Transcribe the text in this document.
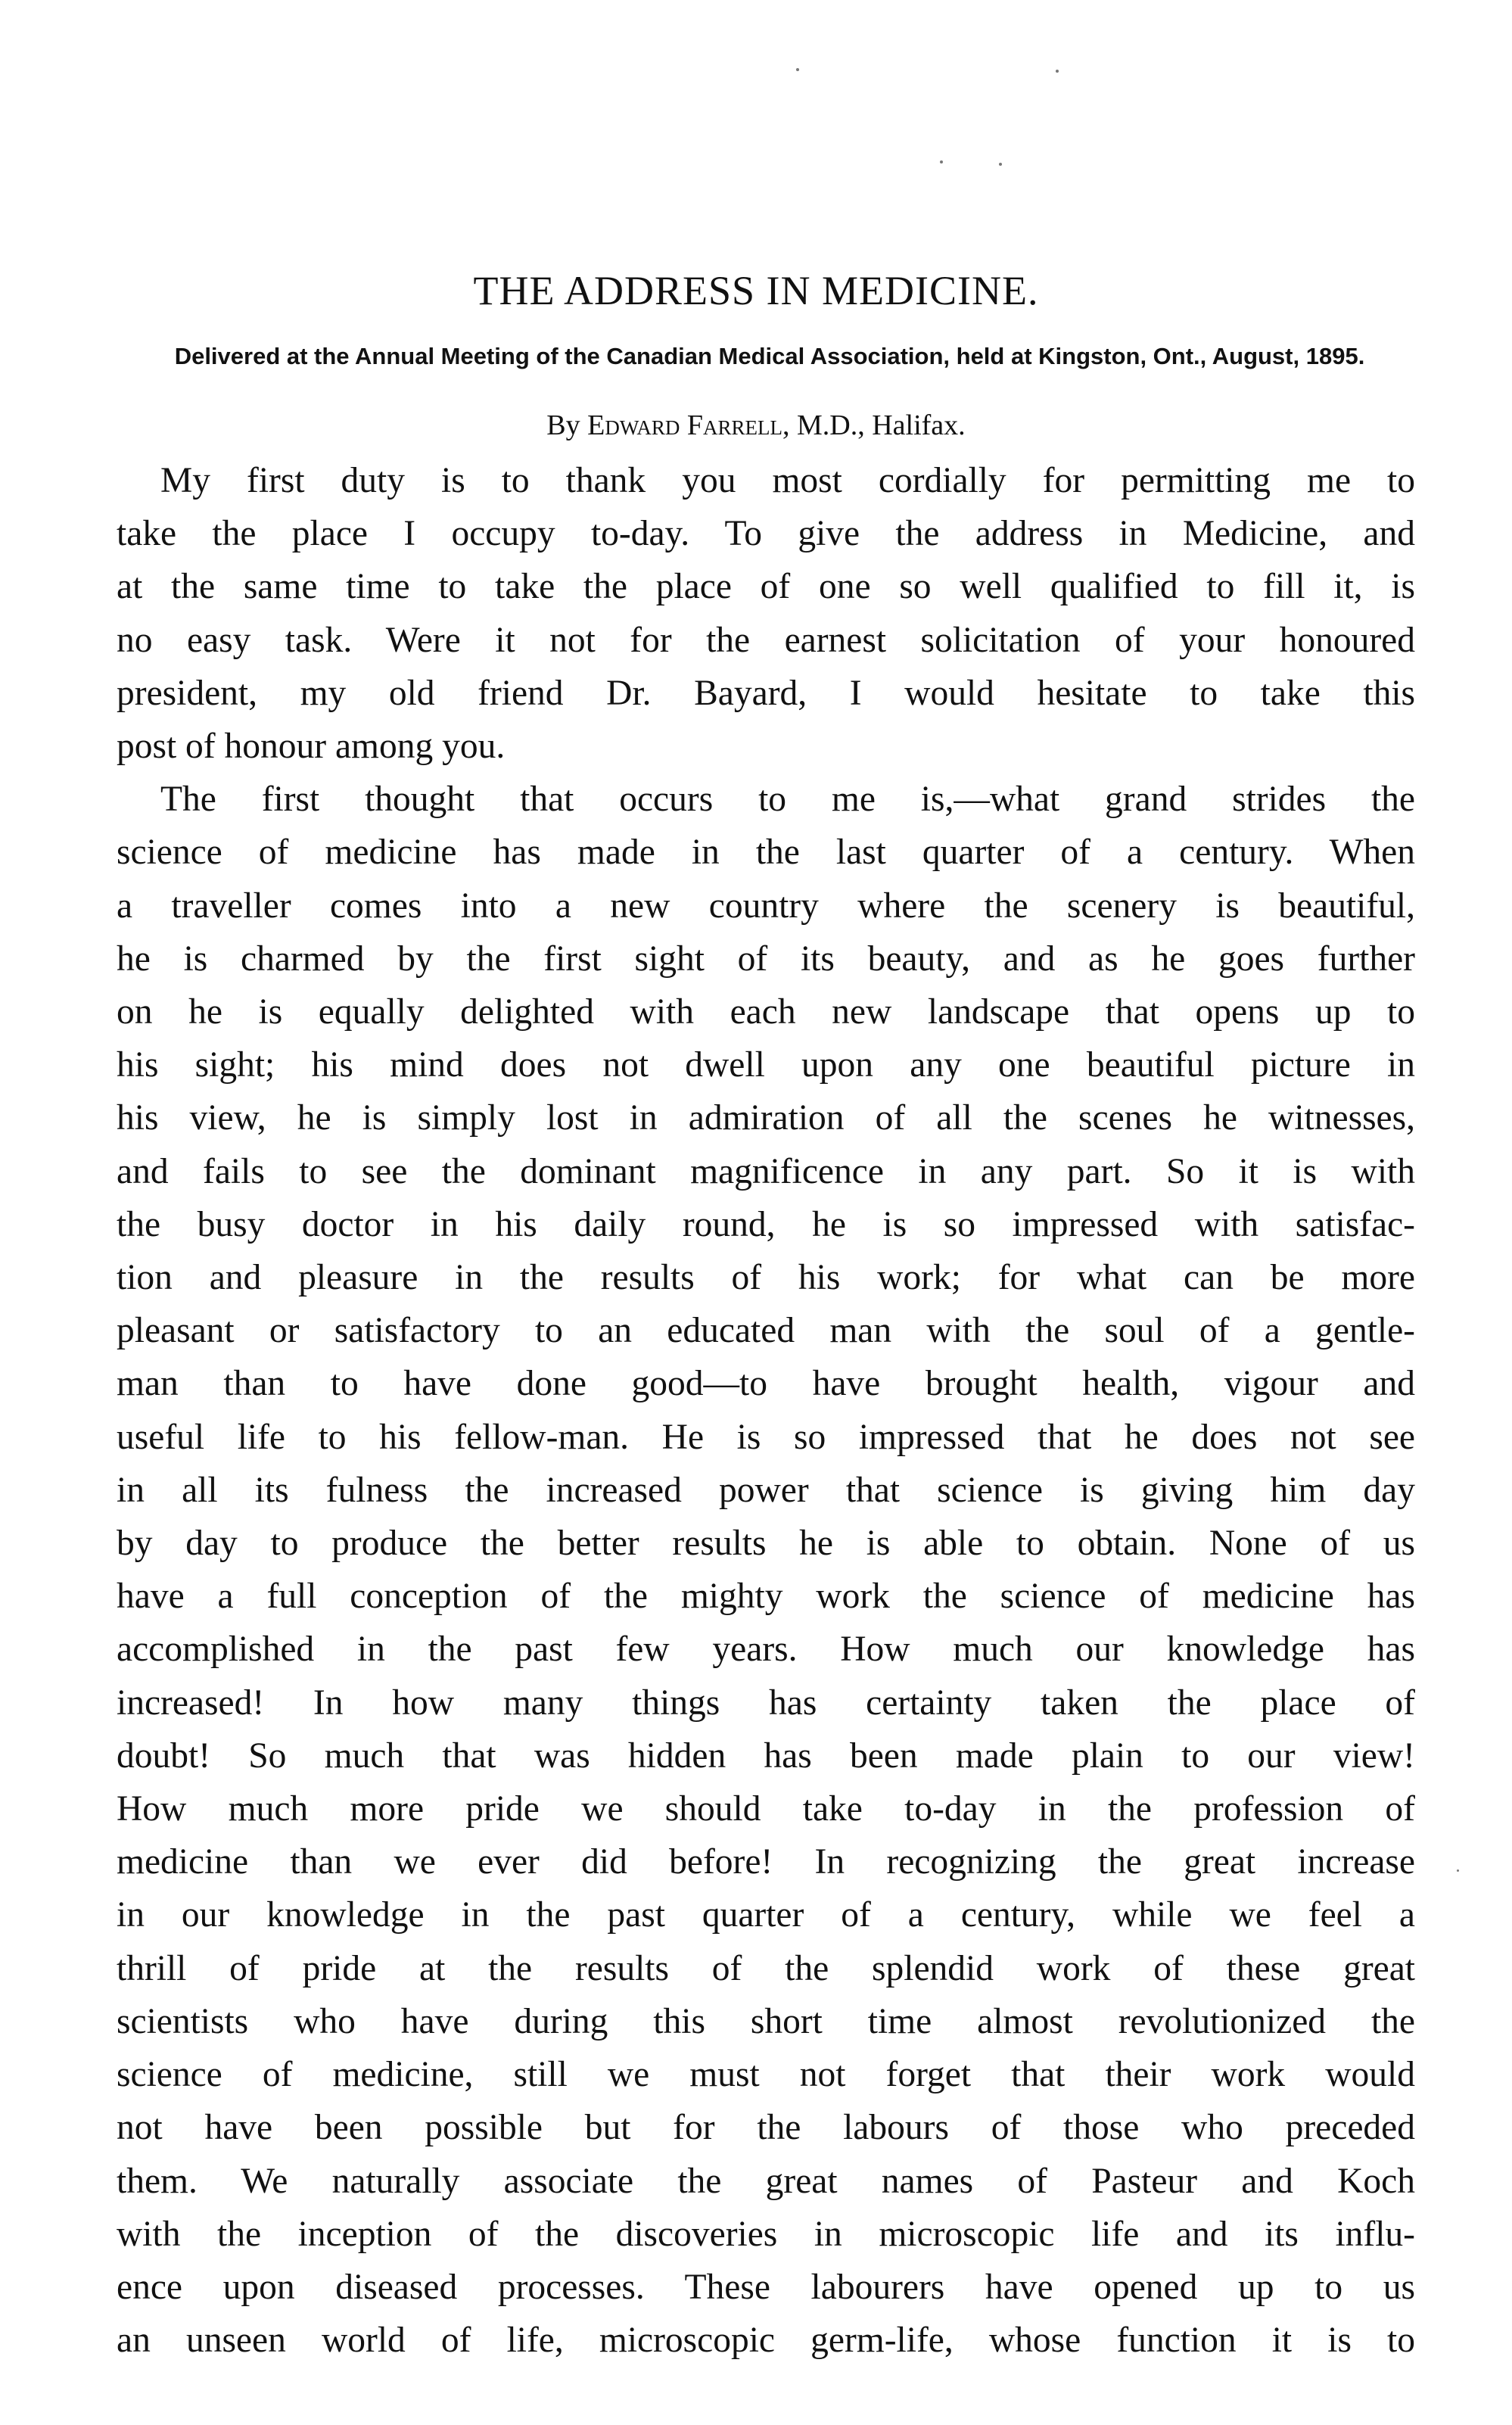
THE ADDRESS IN MEDICINE.
Delivered at the Annual Meeting of the Canadian Medical Association, held at Kingston, Ont., August, 1895.
By Edward Farrell, M.D., Halifax.
My first duty is to thank you most cordially for permitting me to
take the place I occupy to-day. To give the address in Medicine, and
at the same time to take the place of one so well qualified to fill it, is
no easy task. Were it not for the earnest solicitation of your honoured
president, my old friend Dr. Bayard, I would hesitate to take this
post of honour among you.
The first thought that occurs to me is,—what grand strides the
science of medicine has made in the last quarter of a century. When
a traveller comes into a new country where the scenery is beautiful,
he is charmed by the first sight of its beauty, and as he goes further
on he is equally delighted with each new landscape that opens up to
his sight; his mind does not dwell upon any one beautiful picture in
his view, he is simply lost in admiration of all the scenes he witnesses,
and fails to see the dominant magnificence in any part. So it is with
the busy doctor in his daily round, he is so impressed with satisfac-
tion and pleasure in the results of his work; for what can be more
pleasant or satisfactory to an educated man with the soul of a gentle-
man than to have done good—to have brought health, vigour and
useful life to his fellow-man. He is so impressed that he does not see
in all its fulness the increased power that science is giving him day
by day to produce the better results he is able to obtain. None of us
have a full conception of the mighty work the science of medicine has
accomplished in the past few years. How much our knowledge has
increased! In how many things has certainty taken the place of
doubt! So much that was hidden has been made plain to our view!
How much more pride we should take to-day in the profession of
medicine than we ever did before! In recognizing the great increase
in our knowledge in the past quarter of a century, while we feel a
thrill of pride at the results of the splendid work of these great
scientists who have during this short time almost revolutionized the
science of medicine, still we must not forget that their work would
not have been possible but for the labours of those who preceded
them. We naturally associate the great names of Pasteur and Koch
with the inception of the discoveries in microscopic life and its influ-
ence upon diseased processes. These labourers have opened up to us
an unseen world of life, microscopic germ-life, whose function it is to
